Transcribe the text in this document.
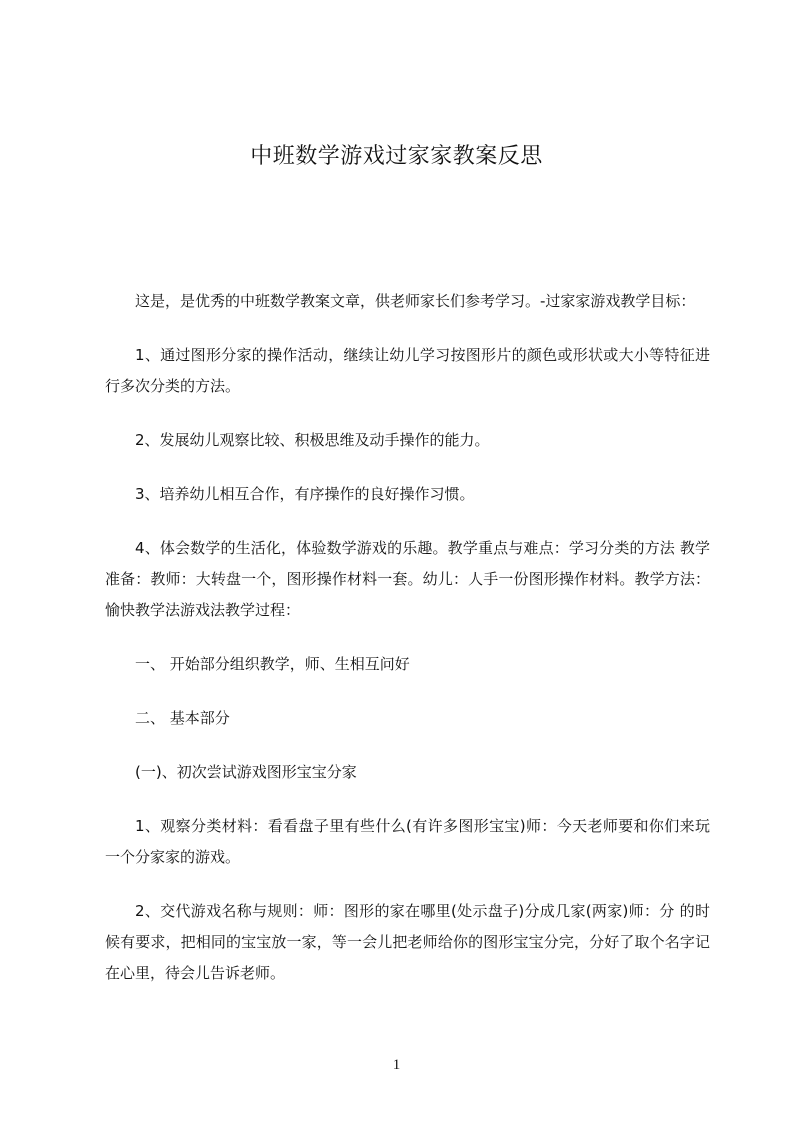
中班数学游戏过家家教案反思

这是，是优秀的中班数学教案文章，供老师家长们参考学习。-过家家游戏教学目标：

1、通过图形分家的操作活动，继续让幼儿学习按图形片的颜色或形状或大小等特征进行多次分类的方法。

2、发展幼儿观察比较、积极思维及动手操作的能力。

3、培养幼儿相互合作，有序操作的良好操作习惯。

4、体会数学的生活化，体验数学游戏的乐趣。教学重点与难点：学习分类的方法 教学准备：教师：大转盘一个，图形操作材料一套。幼儿：人手一份图形操作材料。教学方法：愉快教学法游戏法教学过程：

一、 开始部分组织教学，师、生相互问好

二、 基本部分

(一)、初次尝试游戏图形宝宝分家

1、观察分类材料：看看盘子里有些什么(有许多图形宝宝)师：今天老师要和你们来玩一个分家家的游戏。

2、交代游戏名称与规则：师：图形的家在哪里(处示盘子)分成几家(两家)师：分 的时候有要求，把相同的宝宝放一家，等一会儿把老师给你的图形宝宝分完，分好了取个名字记在心里，待会儿告诉老师。

1
